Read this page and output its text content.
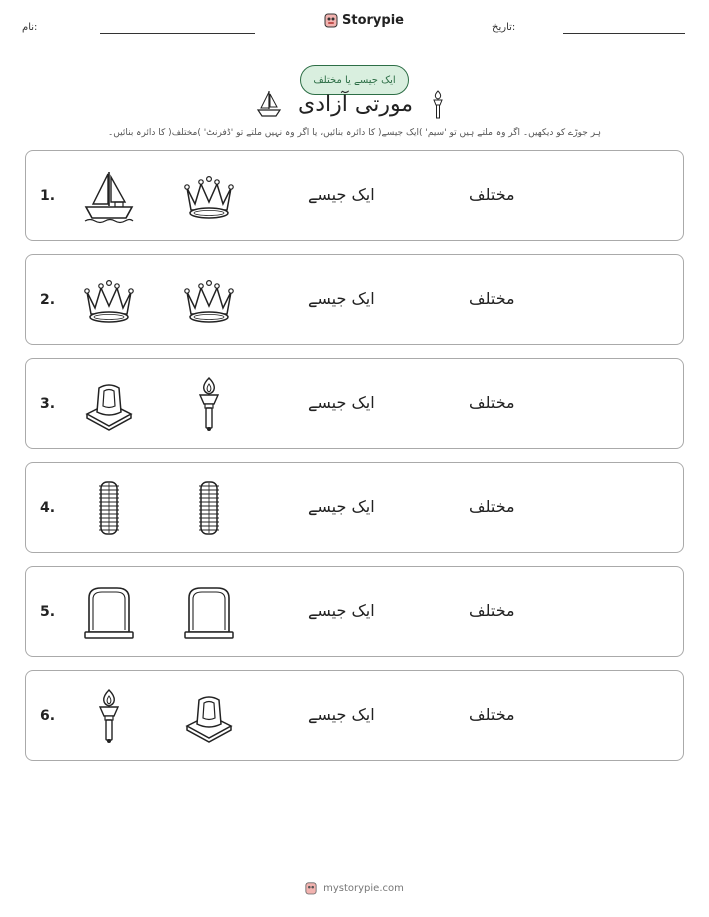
نام:	Storypie	تاریخ:
ایک جیسے یا مختلف
مورتی آزادی
ہر جوڑے کو دیکھیں۔ اگر وہ ملتے ہیں تو 'سیم' )ایک جیسے( کا دائرہ بنائیں، یا اگر وہ نہیں ملتے تو 'ڈفرنٹ' )مختلف( کا دائرہ بنائیں۔
1.	ایک جیسے	مختلف
2.	ایک جیسے	مختلف
3.	ایک جیسے	مختلف
4.	ایک جیسے	مختلف
5.	ایک جیسے	مختلف
6.	ایک جیسے	مختلف
mystorypie.com
